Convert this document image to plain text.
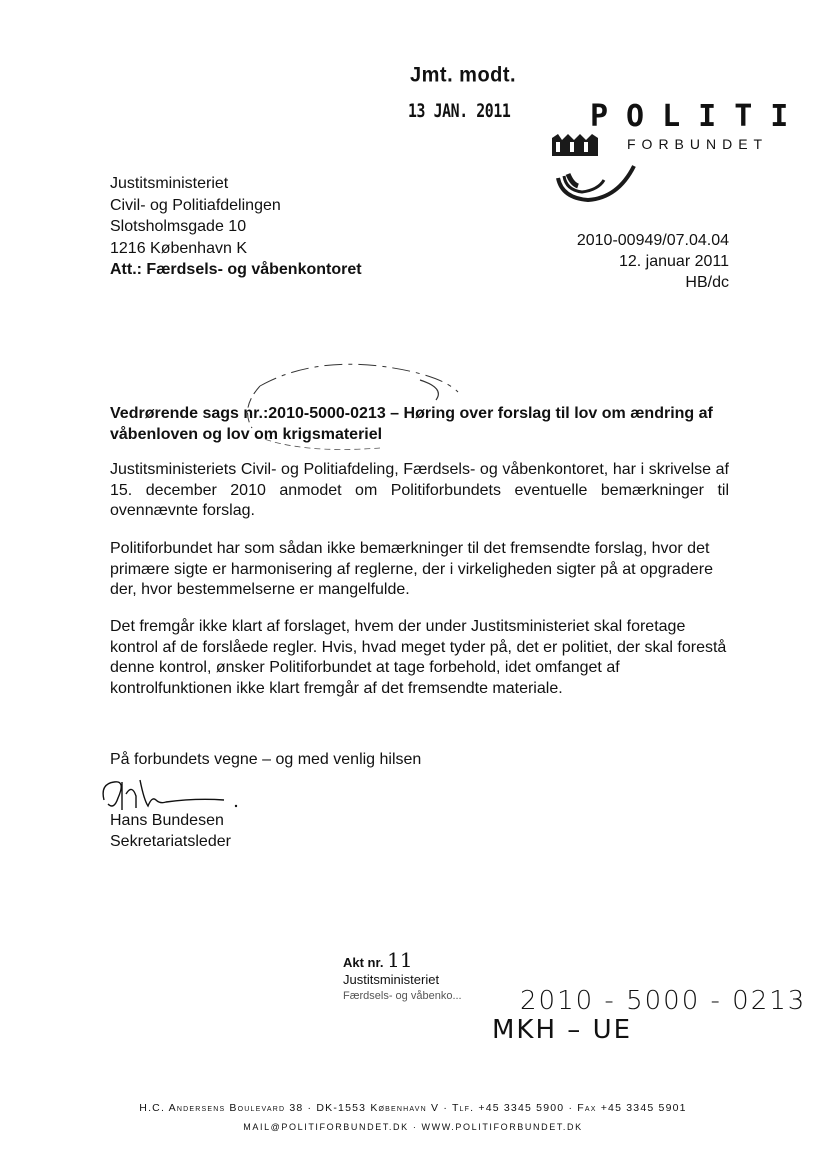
Jmt. modt.
13 JAN. 2011	POLITI
FORBUNDET
Justitsministeriet
Civil- og Politiafdelingen
Slotsholmsgade 10
1216 København K
Att.: Færdsels- og våbenkontoret
2010-00949/07.04.04
12. januar 2011
HB/dc
Vedrørende sags nr.:2010-5000-0213 – Høring over forslag til lov om ændring af våbenloven og lov om krigsmateriel
Justitsministeriets Civil- og Politiafdeling, Færdsels- og våbenkontoret, har i skrivelse af 15. december 2010 anmodet om Politiforbundets eventuelle bemærkninger til ovennævnte forslag.
Politiforbundet har som sådan ikke bemærkninger til det fremsendte forslag, hvor det primære sigte er harmonisering af reglerne, der i virkeligheden sigter på at opgradere der, hvor bestemmelserne er mangelfulde.
Det fremgår ikke klart af forslaget, hvem der under Justitsministeriet skal foretage kontrol af de forslåede regler. Hvis, hvad meget tyder på, det er politiet, der skal forestå denne kontrol, ønsker Politiforbundet at tage forbehold, idet omfanget af kontrolfunktionen ikke klart fremgår af det fremsendte materiale.
På forbundets vegne – og med venlig hilsen
Hans Bundesen
Sekretariatsleder
Akt nr. 11
Justitsministeriet
Færdsels- og våbenko... 2010 - 5000 - 0213
MKH – UE
H.C. Andersens Boulevard 38 · DK-1553 København V · Tlf. +45 3345 5900 · Fax +45 3345 5901
MAIL@POLITIFORBUNDET.DK · WWW.POLITIFORBUNDET.DK
